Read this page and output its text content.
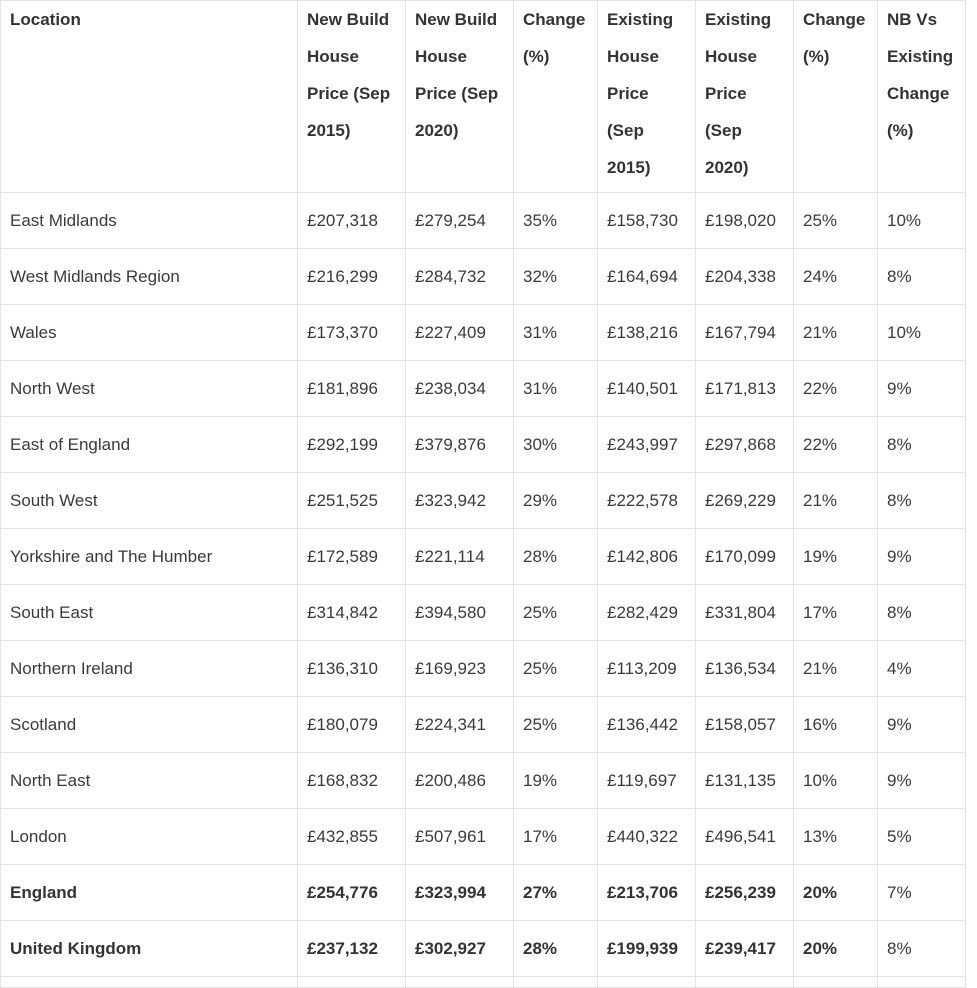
Location	New Build House Price (Sep 2015)	New Build House Price (Sep 2020)	Change (%)	Existing House Price (Sep 2015)	Existing House Price (Sep 2020)	Change (%)	NB Vs Existing Change (%)
East Midlands	£207,318	£279,254	35%	£158,730	£198,020	25%	10%
West Midlands Region	£216,299	£284,732	32%	£164,694	£204,338	24%	8%
Wales	£173,370	£227,409	31%	£138,216	£167,794	21%	10%
North West	£181,896	£238,034	31%	£140,501	£171,813	22%	9%
East of England	£292,199	£379,876	30%	£243,997	£297,868	22%	8%
South West	£251,525	£323,942	29%	£222,578	£269,229	21%	8%
Yorkshire and The Humber	£172,589	£221,114	28%	£142,806	£170,099	19%	9%
South East	£314,842	£394,580	25%	£282,429	£331,804	17%	8%
Northern Ireland	£136,310	£169,923	25%	£113,209	£136,534	21%	4%
Scotland	£180,079	£224,341	25%	£136,442	£158,057	16%	9%
North East	£168,832	£200,486	19%	£119,697	£131,135	10%	9%
London	£432,855	£507,961	17%	£440,322	£496,541	13%	5%
England	£254,776	£323,994	27%	£213,706	£256,239	20%	7%
United Kingdom	£237,132	£302,927	28%	£199,939	£239,417	20%	8%
